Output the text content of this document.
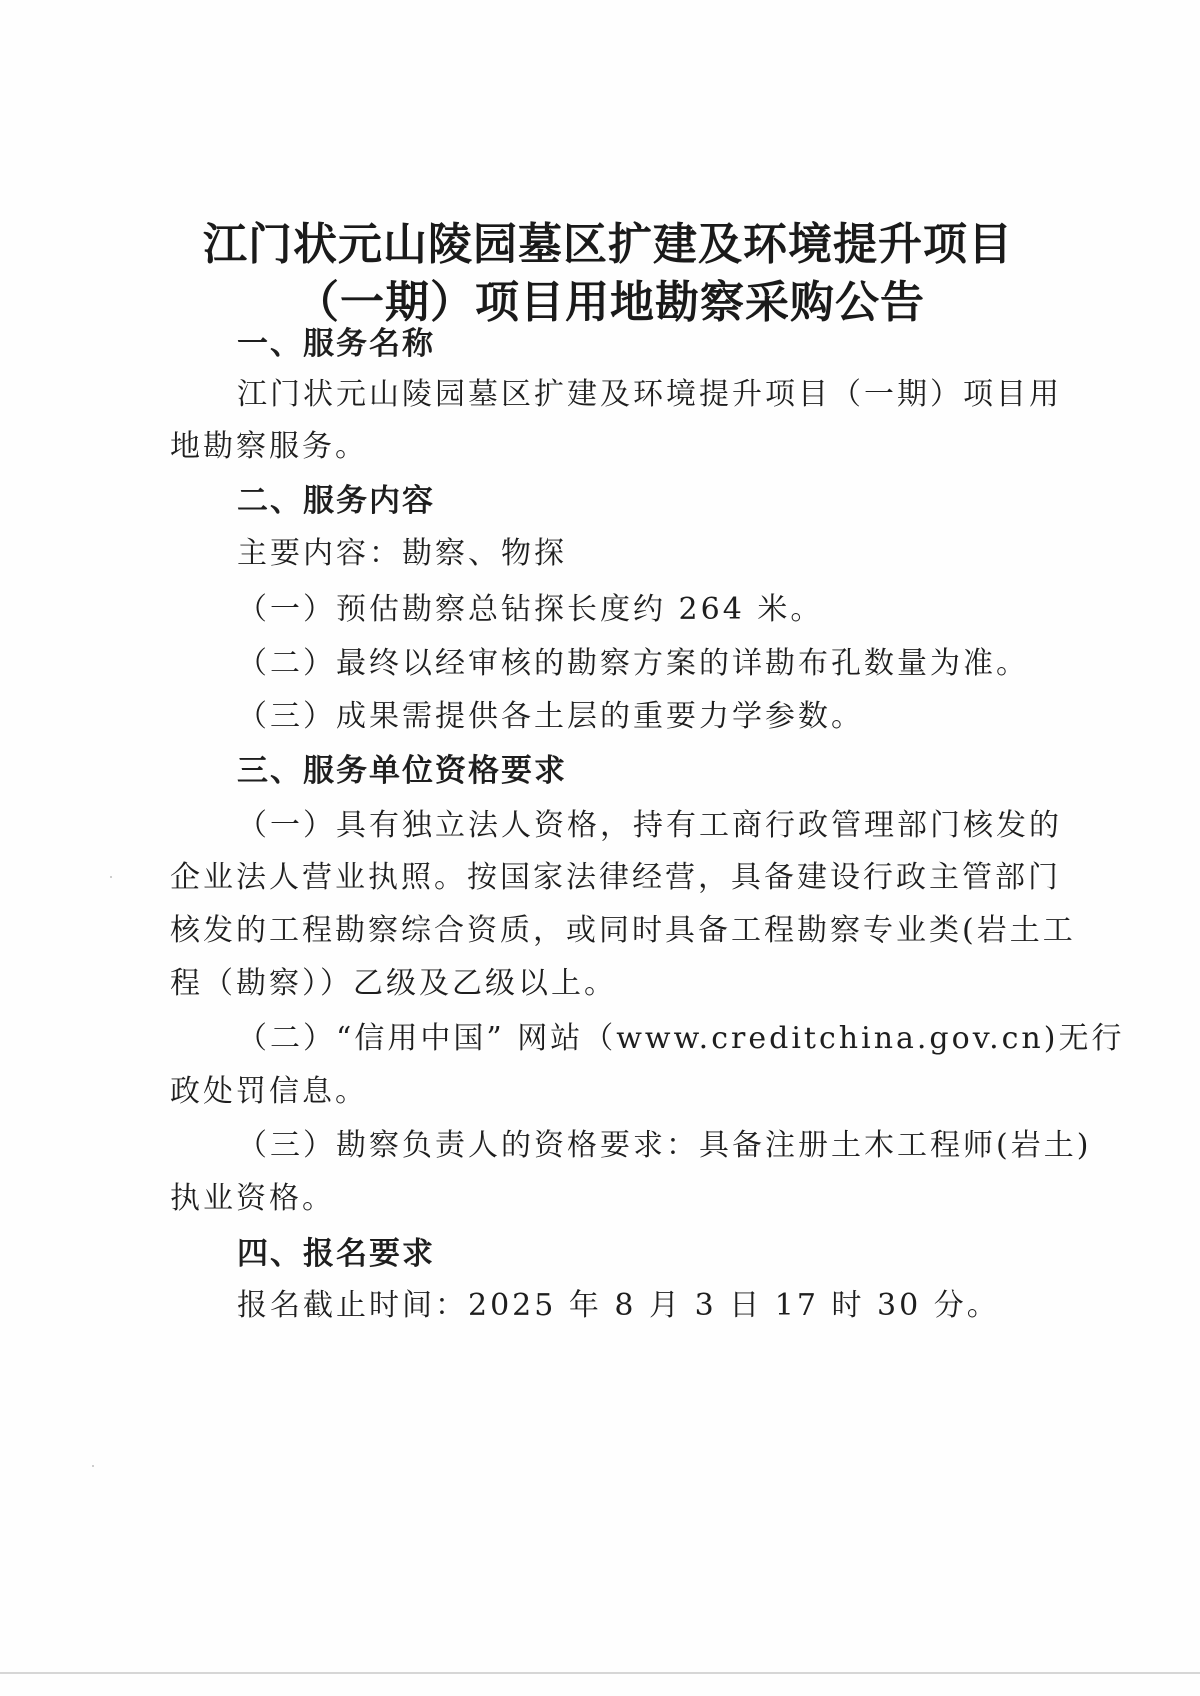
江门状元山陵园墓区扩建及环境提升项目
（一期）项目用地勘察采购公告
一、服务名称
江门状元山陵园墓区扩建及环境提升项目（一期）项目用
地勘察服务。
二、服务内容
主要内容：勘察、物探
（一）预估勘察总钻探长度约 264 米。
（二）最终以经审核的勘察方案的详勘布孔数量为准。
（三）成果需提供各土层的重要力学参数。
三、服务单位资格要求
（一）具有独立法人资格，持有工商行政管理部门核发的
企业法人营业执照。按国家法律经营，具备建设行政主管部门
核发的工程勘察综合资质，或同时具备工程勘察专业类(岩土工
程（勘察））乙级及乙级以上。
（二）“信用中国” 网站（www.creditchina.gov.cn)无行
政处罚信息。
（三）勘察负责人的资格要求：具备注册土木工程师(岩土)
执业资格。
四、报名要求
报名截止时间：2025 年 8 月 3 日 17 时 30 分。
